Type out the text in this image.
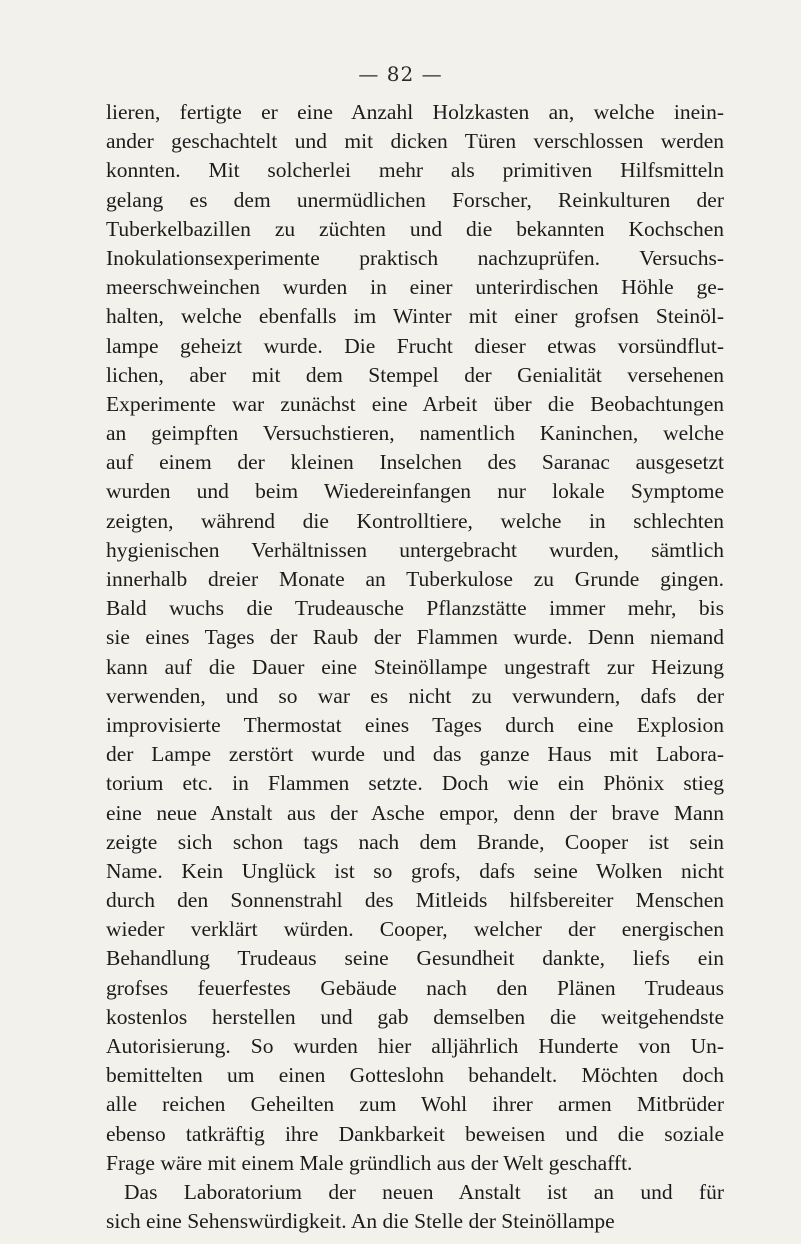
— 82 —
lieren, fertigte er eine Anzahl Holzkasten an, welche inein-
ander geschachtelt und mit dicken Türen verschlossen werden
konnten. Mit solcherlei mehr als primitiven Hilfsmitteln
gelang es dem unermüdlichen Forscher, Reinkulturen der
Tuberkelbazillen zu züchten und die bekannten Kochschen
Inokulationsexperimente praktisch nachzuprüfen. Versuchs-
meerschweinchen wurden in einer unterirdischen Höhle ge-
halten, welche ebenfalls im Winter mit einer grofsen Steinöl-
lampe geheizt wurde. Die Frucht dieser etwas vorsündflut-
lichen, aber mit dem Stempel der Genialität versehenen
Experimente war zunächst eine Arbeit über die Beobachtungen
an geimpften Versuchstieren, namentlich Kaninchen, welche
auf einem der kleinen Inselchen des Saranac ausgesetzt
wurden und beim Wiedereinfangen nur lokale Symptome
zeigten, während die Kontrolltiere, welche in schlechten
hygienischen Verhältnissen untergebracht wurden, sämtlich
innerhalb dreier Monate an Tuberkulose zu Grunde gingen.
Bald wuchs die Trudeausche Pflanzstätte immer mehr, bis
sie eines Tages der Raub der Flammen wurde. Denn niemand
kann auf die Dauer eine Steinöllampe ungestraft zur Heizung
verwenden, und so war es nicht zu verwundern, dafs der
improvisierte Thermostat eines Tages durch eine Explosion
der Lampe zerstört wurde und das ganze Haus mit Labora-
torium etc. in Flammen setzte. Doch wie ein Phönix stieg
eine neue Anstalt aus der Asche empor, denn der brave Mann
zeigte sich schon tags nach dem Brande, Cooper ist sein
Name. Kein Unglück ist so grofs, dafs seine Wolken nicht
durch den Sonnenstrahl des Mitleids hilfsbereiter Menschen
wieder verklärt würden. Cooper, welcher der energischen
Behandlung Trudeaus seine Gesundheit dankte, liefs ein
grofses feuerfestes Gebäude nach den Plänen Trudeaus
kostenlos herstellen und gab demselben die weitgehendste
Autorisierung. So wurden hier alljährlich Hunderte von Un-
bemittelten um einen Gotteslohn behandelt. Möchten doch
alle reichen Geheilten zum Wohl ihrer armen Mitbrüder
ebenso tatkräftig ihre Dankbarkeit beweisen und die soziale
Frage wäre mit einem Male gründlich aus der Welt geschafft.
Das Laboratorium der neuen Anstalt ist an und für
sich eine Sehenswürdigkeit. An die Stelle der Steinöllampe
